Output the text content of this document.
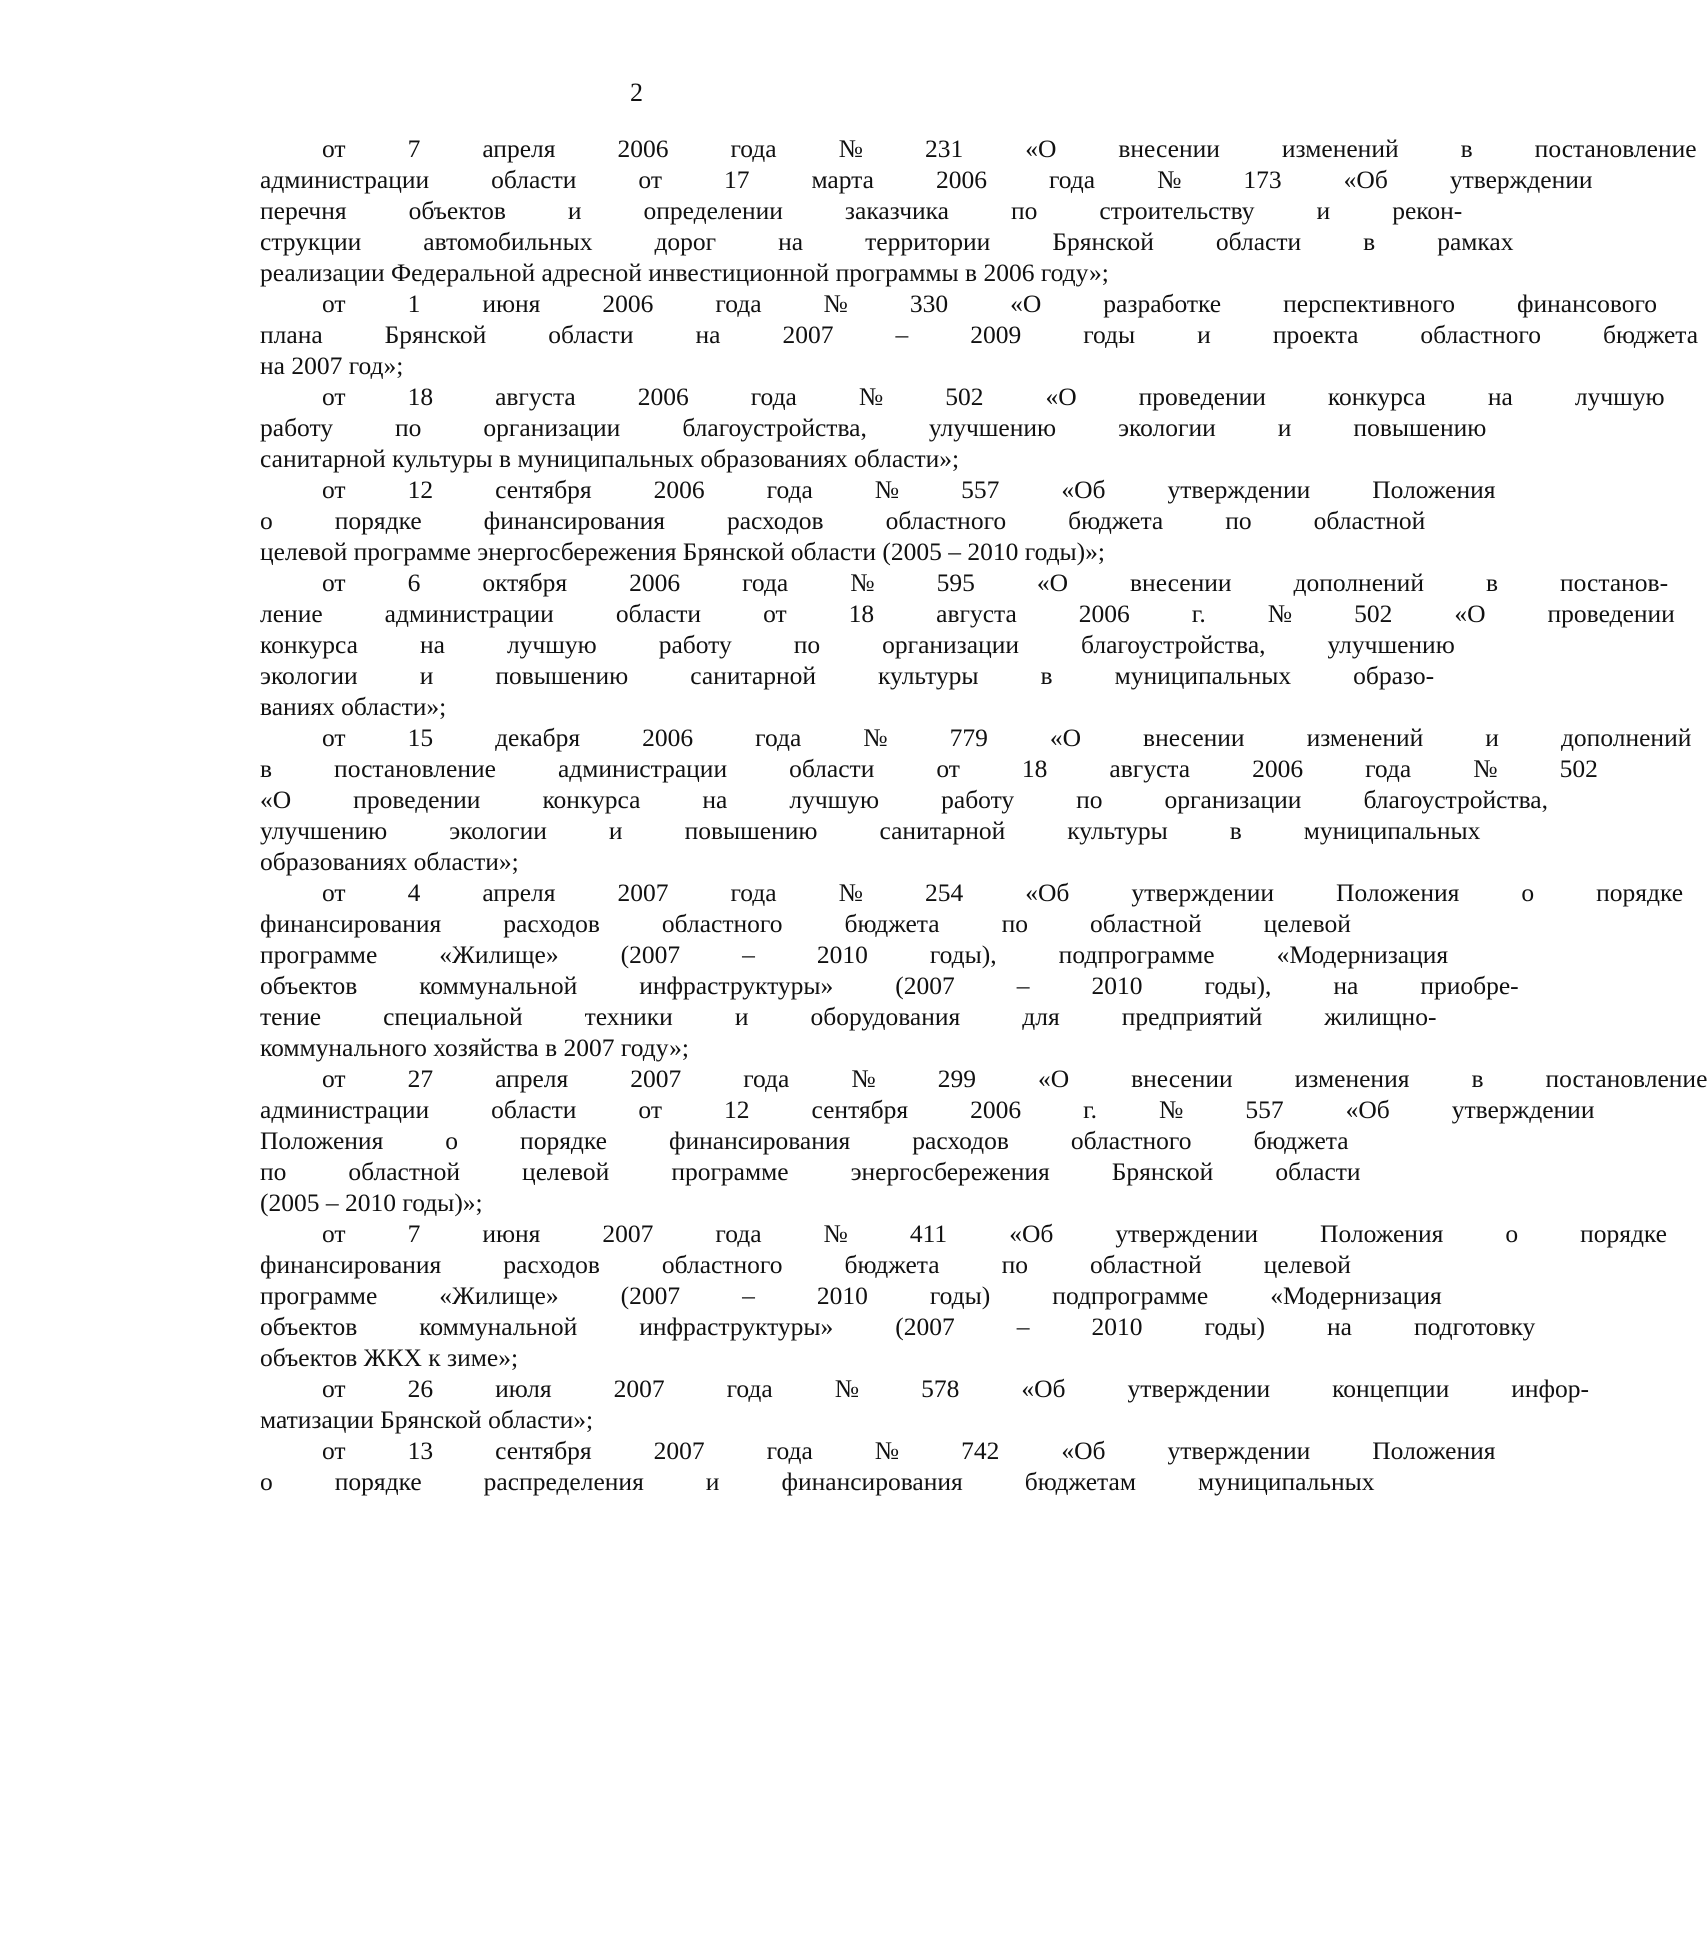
2
от	7	апреля	2006	года	№	231	«О	внесении	изменений	в	постановление
администрации	области	от	17	марта	2006	года	№	173	«Об	утверждении
перечня	объектов	и	определении	заказчика	по	строительству	и	рекон-
струкции	автомобильных	дорог	на	территории	Брянской	области	в	рамках
реализации Федеральной адресной инвестиционной программы в 2006 году»;
от	1	июня	2006	года	№	330	«О	разработке	перспективного	финансового
плана	Брянской	области	на	2007	–	2009	годы	и	проекта	областного	бюджета
на 2007 год»;
от	18	августа	2006	года	№	502	«О	проведении	конкурса	на	лучшую
работу	по	организации	благоустройства,	улучшению	экологии	и	повышению
санитарной культуры в муниципальных образованиях области»;
от	12	сентября	2006	года	№	557	«Об	утверждении	Положения
о	порядке	финансирования	расходов	областного	бюджета	по	областной
целевой программе энергосбережения Брянской области (2005 – 2010 годы)»;
от	6	октября	2006	года	№	595	«О	внесении	дополнений	в	постанов-
ление	администрации	области	от	18	августа	2006	г.	№	502	«О	проведении
конкурса	на	лучшую	работу	по	организации	благоустройства,	улучшению
экологии	и	повышению	санитарной	культуры	в	муниципальных	образо-
ваниях области»;
от	15	декабря	2006	года	№	779	«О	внесении	изменений	и	дополнений
в	постановление	администрации	области	от	18	августа	2006	года	№	502
«О	проведении	конкурса	на	лучшую	работу	по	организации	благоустройства,
улучшению	экологии	и	повышению	санитарной	культуры	в	муниципальных
образованиях области»;
от	4	апреля	2007	года	№	254	«Об	утверждении	Положения	о	порядке
финансирования	расходов	областного	бюджета	по	областной	целевой
программе	«Жилище»	(2007	–	2010	годы),	подпрограмме	«Модернизация
объектов	коммунальной	инфраструктуры»	(2007	–	2010	годы),	на	приобре-
тение	специальной	техники	и	оборудования	для	предприятий	жилищно-
коммунального хозяйства в 2007 году»;
от	27	апреля	2007	года	№	299	«О	внесении	изменения	в	постановление
администрации	области	от	12	сентября	2006	г.	№	557	«Об	утверждении
Положения	о	порядке	финансирования	расходов	областного	бюджета
по	областной	целевой	программе	энергосбережения	Брянской	области
(2005 – 2010 годы)»;
от	7	июня	2007	года	№	411	«Об	утверждении	Положения	о	порядке
финансирования	расходов	областного	бюджета	по	областной	целевой
программе	«Жилище»	(2007	–	2010	годы)	подпрограмме	«Модернизация
объектов	коммунальной	инфраструктуры»	(2007	–	2010	годы)	на	подготовку
объектов ЖКХ к зиме»;
от	26	июля	2007	года	№	578	«Об	утверждении	концепции	инфор-
матизации Брянской области»;
от	13	сентября	2007	года	№	742	«Об	утверждении	Положения
о	порядке	распределения	и	финансирования	бюджетам	муниципальных
